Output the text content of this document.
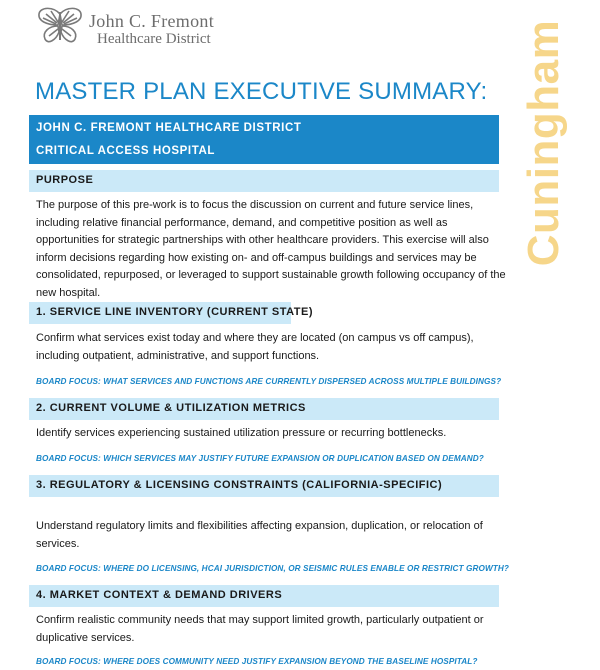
John C. Fremont
Healthcare District	Cuningham
MASTER PLAN EXECUTIVE SUMMARY:
JOHN C. FREMONT HEALTHCARE DISTRICT
CRITICAL ACCESS HOSPITAL
PURPOSE
The purpose of this pre-work is to focus the discussion on current and future service lines, including relative financial performance, demand, and competitive position as well as opportunities for strategic partnerships with other healthcare providers. This exercise will also inform decisions regarding how existing on- and off-campus buildings and services may be consolidated, repurposed, or leveraged to support sustainable growth following occupancy of the new hospital.
1. SERVICE LINE INVENTORY (CURRENT STATE)
Confirm what services exist today and where they are located (on campus vs off campus), including outpatient, administrative, and support functions.
BOARD FOCUS: WHAT SERVICES AND FUNCTIONS ARE CURRENTLY DISPERSED ACROSS MULTIPLE BUILDINGS?
2. CURRENT VOLUME & UTILIZATION METRICS
Identify services experiencing sustained utilization pressure or recurring bottlenecks.
BOARD FOCUS: WHICH SERVICES MAY JUSTIFY FUTURE EXPANSION OR DUPLICATION BASED ON DEMAND?
3. REGULATORY & LICENSING CONSTRAINTS (CALIFORNIA-SPECIFIC)
Understand regulatory limits and flexibilities affecting expansion, duplication, or relocation of services.
BOARD FOCUS: WHERE DO LICENSING, HCAI JURISDICTION, OR SEISMIC RULES ENABLE OR RESTRICT GROWTH?
4. MARKET CONTEXT & DEMAND DRIVERS
Confirm realistic community needs that may support limited growth, particularly outpatient or duplicative services.
BOARD FOCUS: WHERE DOES COMMUNITY NEED JUSTIFY EXPANSION BEYOND THE BASELINE HOSPITAL?
